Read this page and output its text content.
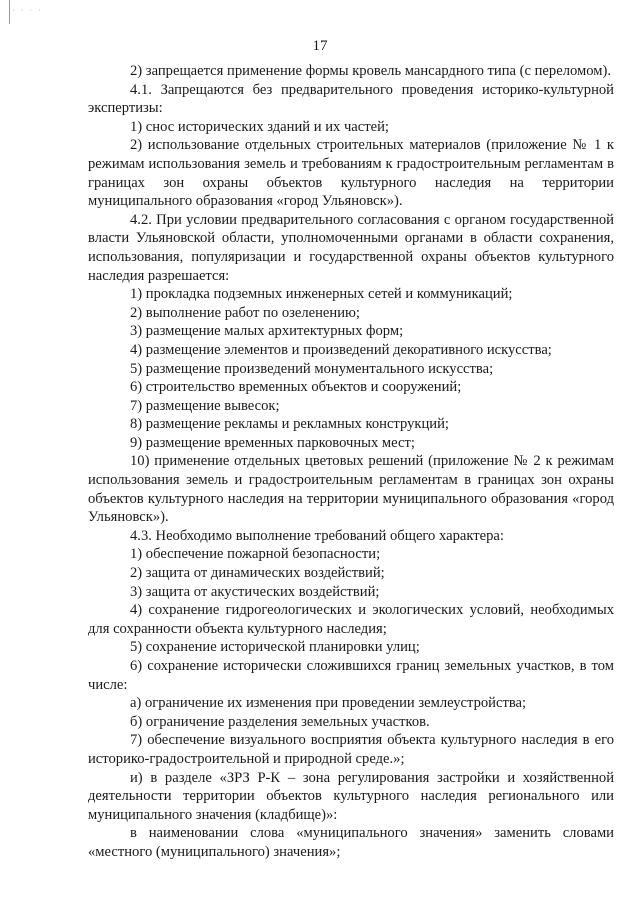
· · · ·
17

2) запрещается применение формы кровель мансардного типа (с переломом).

4.1. Запрещаются без предварительного проведения историко-культурной экспертизы:

1) снос исторических зданий и их частей;

2) использование отдельных строительных материалов (приложение № 1 к режимам использования земель и требованиям к градостроительным регламентам в границах зон охраны объектов культурного наследия на территории муниципального образования «город Ульяновск»).

4.2. При условии предварительного согласования с органом государственной власти Ульяновской области, уполномоченными органами в области сохранения, использования, популяризации и государственной охраны объектов культурного наследия разрешается:

1) прокладка подземных инженерных сетей и коммуникаций;

2) выполнение работ по озеленению;

3) размещение малых архитектурных форм;

4) размещение элементов и произведений декоративного искусства;

5) размещение произведений монументального искусства;

6) строительство временных объектов и сооружений;

7) размещение вывесок;

8) размещение рекламы и рекламных конструкций;

9) размещение временных парковочных мест;

10) применение отдельных цветовых решений (приложение № 2 к режимам использования земель и градостроительным регламентам в границах зон охраны объектов культурного наследия на территории муниципального образования «город Ульяновск»).

4.3. Необходимо выполнение требований общего характера:

1) обеспечение пожарной безопасности;

2) защита от динамических воздействий;

3) защита от акустических воздействий;

4) сохранение гидрогеологических и экологических условий, необходимых для сохранности объекта культурного наследия;

5) сохранение исторической планировки улиц;

6) сохранение исторически сложившихся границ земельных участков, в том числе:

а) ограничение их изменения при проведении землеустройства;

б) ограничение разделения земельных участков.

7) обеспечение визуального восприятия объекта культурного наследия в его историко-градостроительной и природной среде.»;

и) в разделе «ЗРЗ Р-К – зона регулирования застройки и хозяйственной деятельности территории объектов культурного наследия регионального или муниципального значения (кладбище)»:

в наименовании слова «муниципального значения» заменить словами «местного (муниципального) значения»;
